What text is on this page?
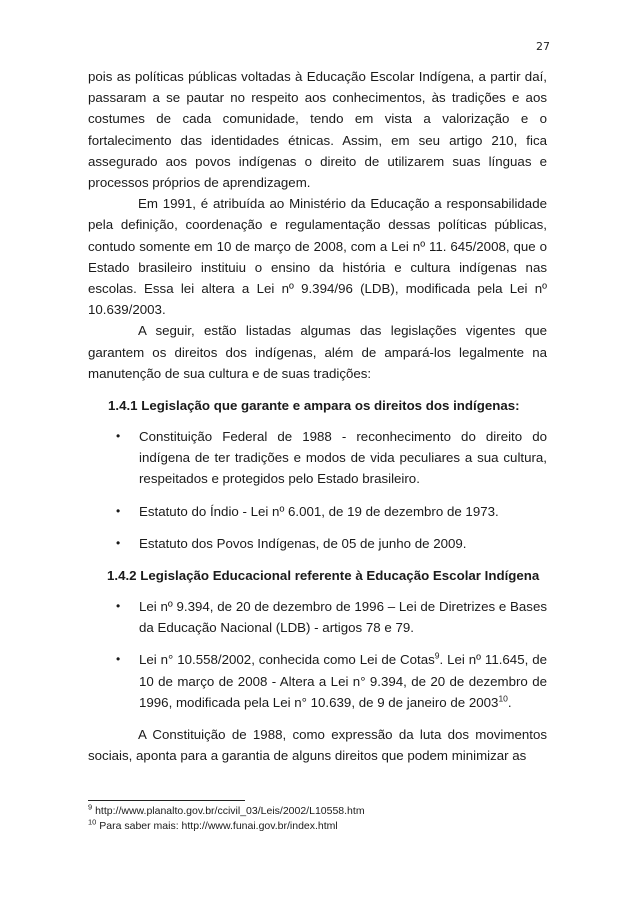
27

pois as políticas públicas voltadas à Educação Escolar Indígena, a partir daí, passaram a se pautar no respeito aos conhecimentos, às tradições e aos costumes de cada comunidade, tendo em vista a valorização e o fortalecimento das identidades étnicas. Assim, em seu artigo 210, fica assegurado aos povos indígenas o direito de utilizarem suas línguas e processos próprios de aprendizagem.

Em 1991, é atribuída ao Ministério da Educação a responsabilidade pela definição, coordenação e regulamentação dessas políticas públicas, contudo somente em 10 de março de 2008, com a Lei nº 11. 645/2008, que o Estado brasileiro instituiu o ensino da história e cultura indígenas nas escolas. Essa lei altera a Lei nº 9.394/96 (LDB), modificada pela Lei nº 10.639/2003.

A seguir, estão listadas algumas das legislações vigentes que garantem os direitos dos indígenas, além de ampará-los legalmente na manutenção de sua cultura e de suas tradições:

1.4.1 Legislação que garante e ampara os direitos dos indígenas:
• Constituição Federal de 1988 - reconhecimento do direito do indígena de ter tradições e modos de vida peculiares a sua cultura, respeitados e protegidos pelo Estado brasileiro.
• Estatuto do Índio - Lei nº 6.001, de 19 de dezembro de 1973.
• Estatuto dos Povos Indígenas, de 05 de junho de 2009.
1.4.2 Legislação Educacional referente à Educação Escolar Indígena
• Lei nº 9.394, de 20 de dezembro de 1996 – Lei de Diretrizes e Bases da Educação Nacional (LDB) - artigos 78 e 79.
• Lei n° 10.558/2002, conhecida como Lei de Cotas$^9$. Lei nº 11.645, de 10 de março de 2008 - Altera a Lei n° 9.394, de 20 de dezembro de 1996, modificada pela Lei n° 10.639, de 9 de janeiro de 2003$^{10}$.

A Constituição de 1988, como expressão da luta dos movimentos sociais, aponta para a garantia de alguns direitos que podem minimizar as

$^9$ http://www.planalto.gov.br/ccivil_03/Leis/2002/L10558.htm
$^{10}$ Para saber mais: http://www.funai.gov.br/index.html
